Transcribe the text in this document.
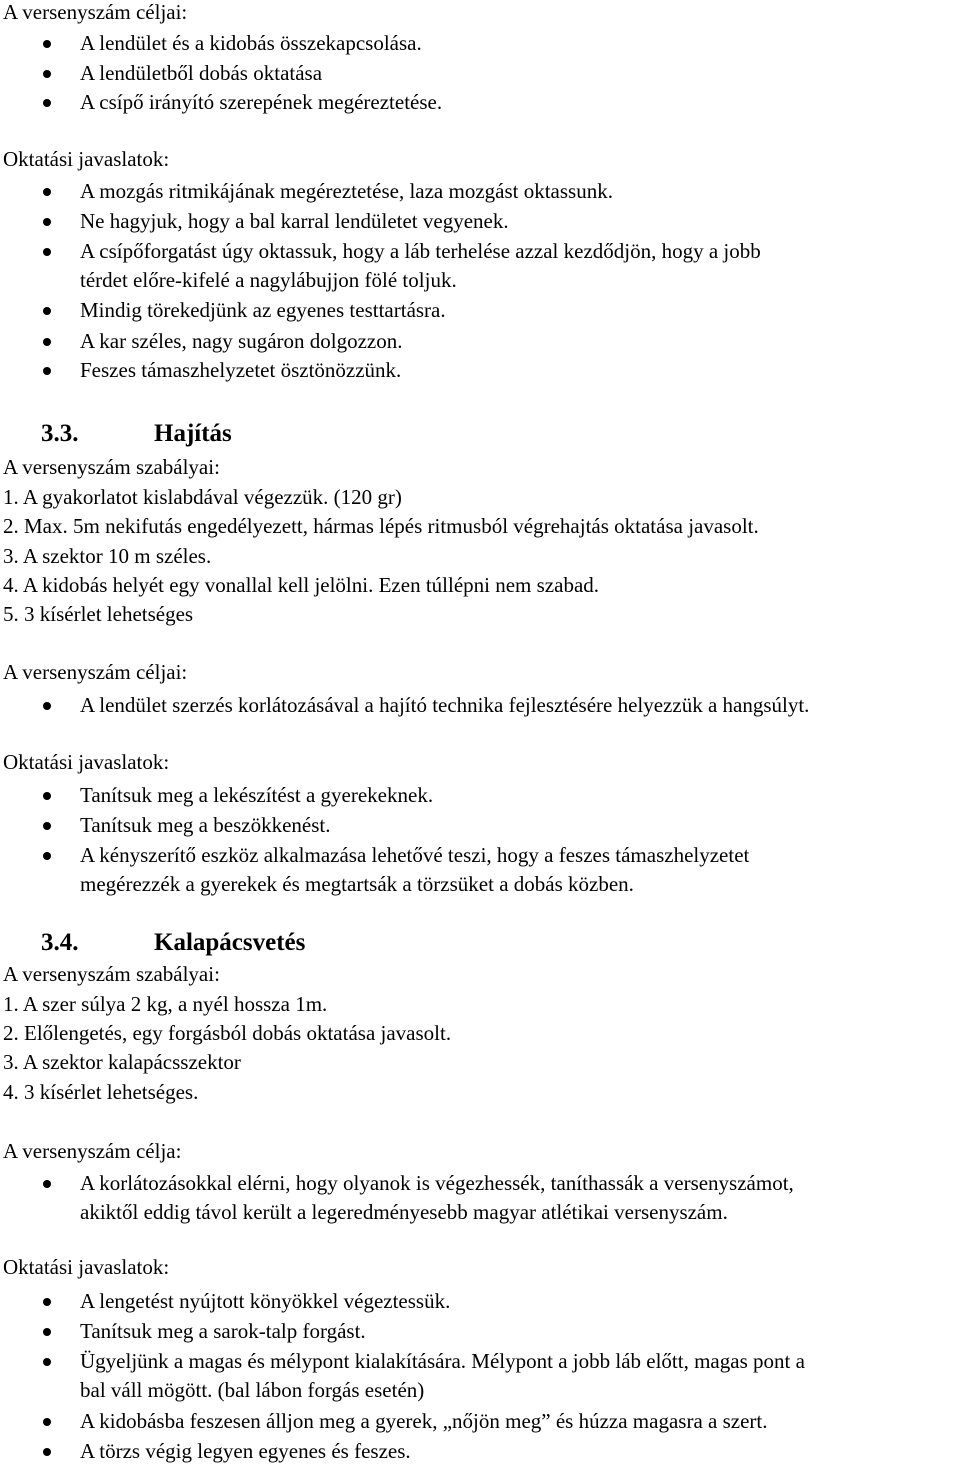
A versenyszám céljai:
A lendület és a kidobás összekapcsolása.
A lendületből dobás oktatása
A csípő irányító szerepének megéreztetése.
Oktatási javaslatok:
A mozgás ritmikájának megéreztetése, laza mozgást oktassunk.
Ne hagyjuk, hogy a bal karral lendületet vegyenek.
A csípőforgatást úgy oktassuk, hogy a láb terhelése azzal kezdődjön, hogy a jobb
térdet előre-kifelé a nagylábujjon fölé toljuk.
Mindig törekedjünk az egyenes testtartásra.
A kar széles, nagy sugáron dolgozzon.
Feszes támaszhelyzetet ösztönözzünk.
3.3.	Hajítás
A versenyszám szabályai:
1. A gyakorlatot kislabdával végezzük. (120 gr)
2. Max. 5m nekifutás engedélyezett, hármas lépés ritmusból végrehajtás oktatása javasolt.
3. A szektor 10 m széles.
4. A kidobás helyét egy vonallal kell jelölni. Ezen túllépni nem szabad.
5. 3 kísérlet lehetséges
A versenyszám céljai:
A lendület szerzés korlátozásával a hajító technika fejlesztésére helyezzük a hangsúlyt.
Oktatási javaslatok:
Tanítsuk meg a lekészítést a gyerekeknek.
Tanítsuk meg a beszökkenést.
A kényszerítő eszköz alkalmazása lehetővé teszi, hogy a feszes támaszhelyzetet
megérezzék a gyerekek és megtartsák a törzsüket a dobás közben.
3.4.	Kalapácsvetés
A versenyszám szabályai:
1. A szer súlya 2 kg, a nyél hossza 1m.
2. Előlengetés, egy forgásból dobás oktatása javasolt.
3. A szektor kalapácsszektor
4. 3 kísérlet lehetséges.
A versenyszám célja:
A korlátozásokkal elérni, hogy olyanok is végezhessék, taníthassák a versenyszámot,
akiktől eddig távol került a legeredményesebb magyar atlétikai versenyszám.
Oktatási javaslatok:
A lengetést nyújtott könyökkel végeztessük.
Tanítsuk meg a sarok-talp forgást.
Ügyeljünk a magas és mélypont kialakítására. Mélypont a jobb láb előtt, magas pont a
bal váll mögött. (bal lábon forgás esetén)
A kidobásba feszesen álljon meg a gyerek, „nőjön meg” és húzza magasra a szert.
A törzs végig legyen egyenes és feszes.
